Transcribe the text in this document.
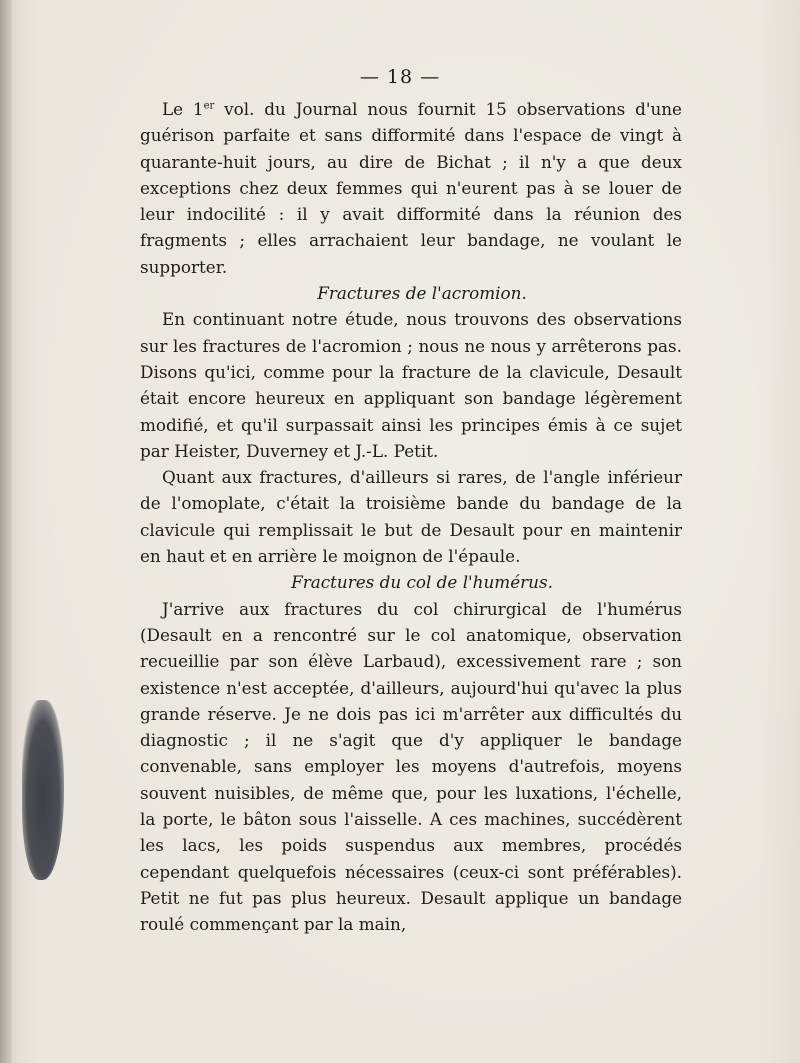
— 18 —

Le 1er vol. du Journal nous fournit 15 observations d'une guérison parfaite et sans difformité dans l'espace de vingt à quarante-huit jours, au dire de Bichat ; il n'y a que deux exceptions chez deux femmes qui n'eurent pas à se louer de leur indocilité : il y avait difformité dans la réunion des fragments ; elles arrachaient leur bandage, ne voulant le supporter.

Fractures de l'acromion.

En continuant notre étude, nous trouvons des observations sur les fractures de l'acromion ; nous ne nous y arrêterons pas. Disons qu'ici, comme pour la fracture de la clavicule, Desault était encore heureux en appliquant son bandage légèrement modifié, et qu'il surpassait ainsi les principes émis à ce sujet par Heister, Duverney et J.-L. Petit.

Quant aux fractures, d'ailleurs si rares, de l'angle inférieur de l'omoplate, c'était la troisième bande du bandage de la clavicule qui remplissait le but de Desault pour en maintenir en haut et en arrière le moignon de l'épaule.

Fractures du col de l'humérus.

J'arrive aux fractures du col chirurgical de l'humérus (Desault en a rencontré sur le col anatomique, observation recueillie par son élève Larbaud), excessivement rare ; son existence n'est acceptée, d'ailleurs, aujourd'hui qu'avec la plus grande réserve. Je ne dois pas ici m'arrêter aux difficultés du diagnostic ; il ne s'agit que d'y appliquer le bandage convenable, sans employer les moyens d'autrefois, moyens souvent nuisibles, de même que, pour les luxations, l'échelle, la porte, le bâton sous l'aisselle. A ces machines, succédèrent les lacs, les poids suspendus aux membres, procédés cependant quelquefois nécessaires (ceux-ci sont préférables). Petit ne fut pas plus heureux. Desault applique un bandage roulé commençant par la main,
